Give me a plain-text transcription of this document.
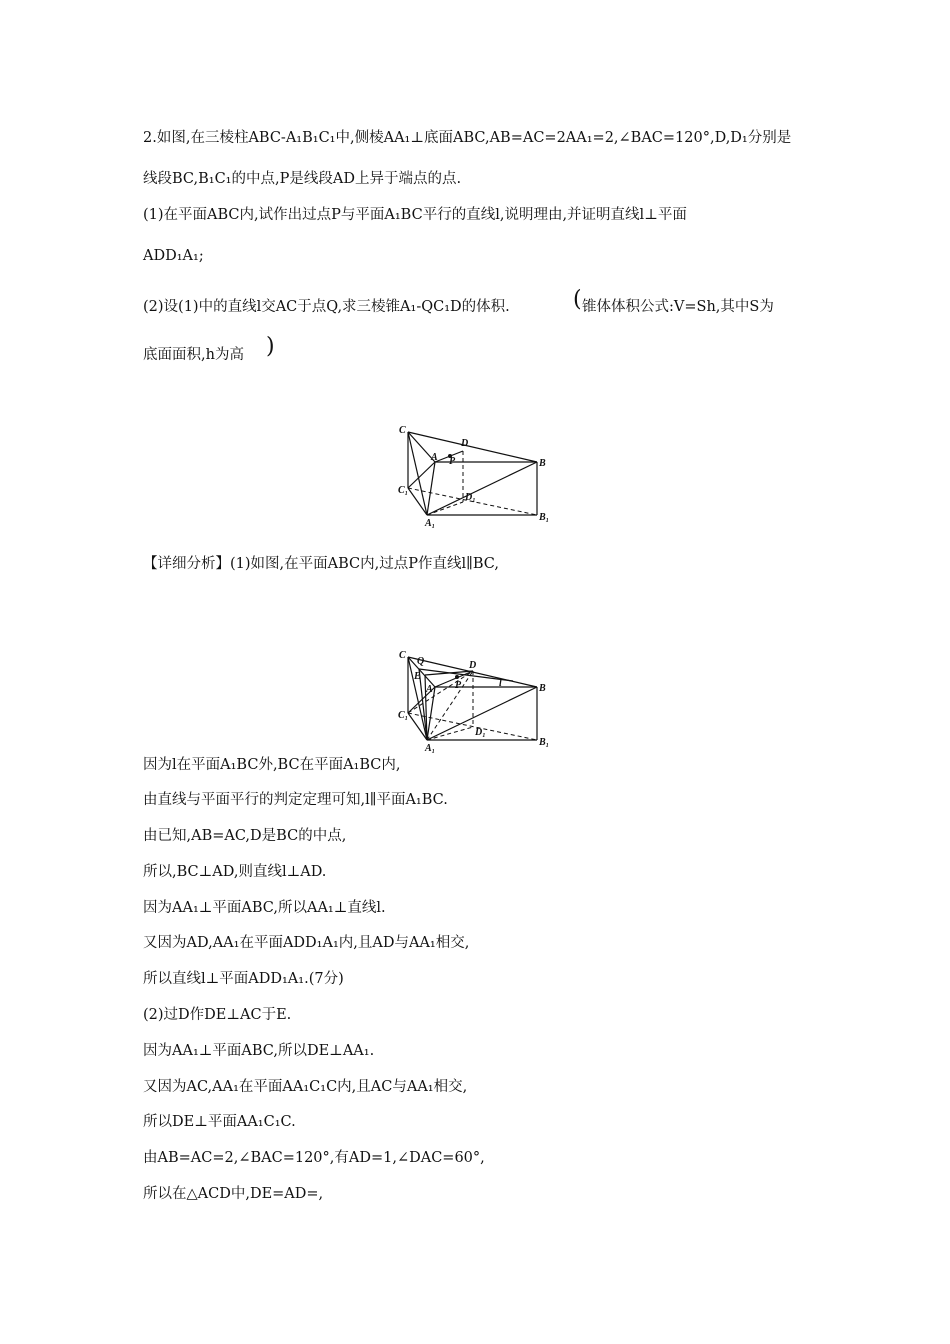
2.如图,在三棱柱ABC-A₁B₁C₁中,侧棱AA₁⊥底面ABC,AB=AC=2AA₁=2,∠BAC=120°,D,D₁分别是
线段BC,B₁C₁的中点,P是线段AD上异于端点的点.
(1)在平面ABC内,试作出过点P与平面A₁BC平行的直线l,说明理由,并证明直线l⊥平面
ADD₁A₁;
(2)设(1)中的直线l交AC于点Q,求三棱锥A₁-QC₁D的体积.	( 锥体体积公式:V=Sh,其中S为
底面面积,h为高 )
C
D
A P	B
C₁
D₁
A₁
B₁
【详细分析】(1)如图,在平面ABC内,过点P作直线l∥BC,
C
Q	D
E
A P	l	B
C₁
D₁
A₁
B₁
因为l在平面A₁BC外,BC在平面A₁BC内,
由直线与平面平行的判定定理可知,l∥平面A₁BC.
由已知,AB=AC,D是BC的中点,
所以,BC⊥AD,则直线l⊥AD.
因为AA₁⊥平面ABC,所以AA₁⊥直线l.
又因为AD,AA₁在平面ADD₁A₁内,且AD与AA₁相交,
所以直线l⊥平面ADD₁A₁.(7分)
(2)过D作DE⊥AC于E.
因为AA₁⊥平面ABC,所以DE⊥AA₁.
又因为AC,AA₁在平面AA₁C₁C内,且AC与AA₁相交,
所以DE⊥平面AA₁C₁C.
由AB=AC=2,∠BAC=120°,有AD=1,∠DAC=60°,
所以在△ACD中,DE=AD=,
